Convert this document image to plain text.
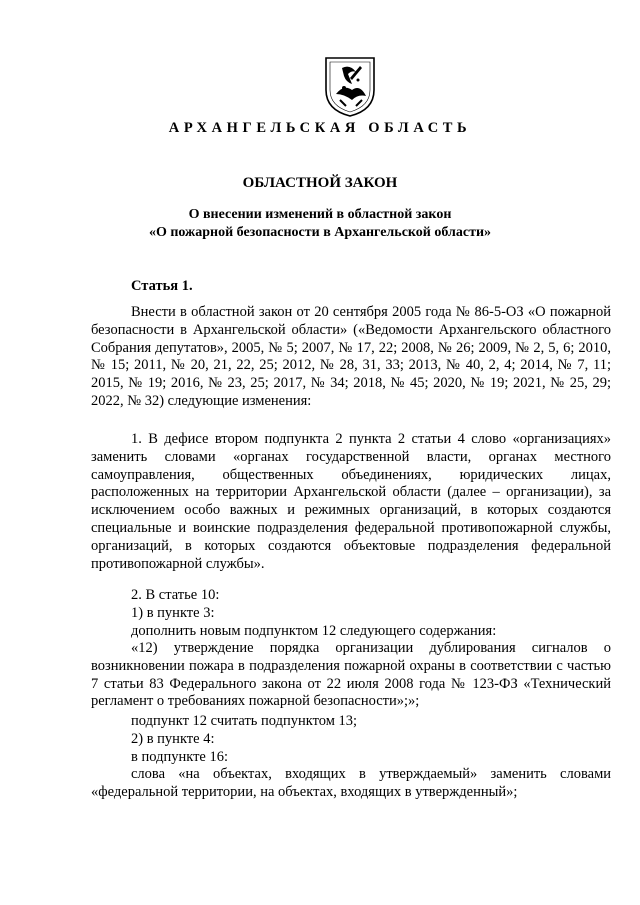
АРХАНГЕЛЬСКАЯ ОБЛАСТЬ
ОБЛАСТНОЙ ЗАКОН
О внесении изменений в областной закон
«О пожарной безопасности в Архангельской области»
Статья 1.

Внести в областной закон от 20 сентября 2005 года № 86-5-ОЗ «О пожарной безопасности в Архангельской области» («Ведомости Архангельского областного Собрания депутатов», 2005, № 5; 2007, № 17, 22; 2008, № 26; 2009, № 2, 5, 6; 2010, № 15; 2011, № 20, 21, 22, 25; 2012, № 28, 31, 33; 2013, № 40, 2, 4; 2014, № 7, 11; 2015, № 19; 2016, № 23, 25; 2017, № 34; 2018, № 45; 2020, № 19; 2021, № 25, 29; 2022, № 32) следующие изменения:

1. В дефисе втором подпункта 2 пункта 2 статьи 4 слово «организациях» заменить словами «органах государственной власти, органах местного самоуправления, общественных объединениях, юридических лицах, расположенных на территории Архангельской области (далее – организации), за исключением особо важных и режимных организаций, в которых создаются специальные и воинские подразделения федеральной противопожарной службы, организаций, в которых создаются объектовые подразделения федеральной противопожарной службы».

2. В статье 10:

1) в пункте 3:

дополнить новым подпунктом 12 следующего содержания:

«12) утверждение порядка организации дублирования сигналов о возникновении пожара в подразделения пожарной охраны в соответствии с частью 7 статьи 83 Федерального закона от 22 июля 2008 года № 123-ФЗ «Технический регламент о требованиях пожарной безопасности»;»;

подпункт 12 считать подпунктом 13;

2) в пункте 4:

в подпункте 16:

слова «на объектах, входящих в утверждаемый» заменить словами «федеральной территории, на объектах, входящих в утвержденный»;
